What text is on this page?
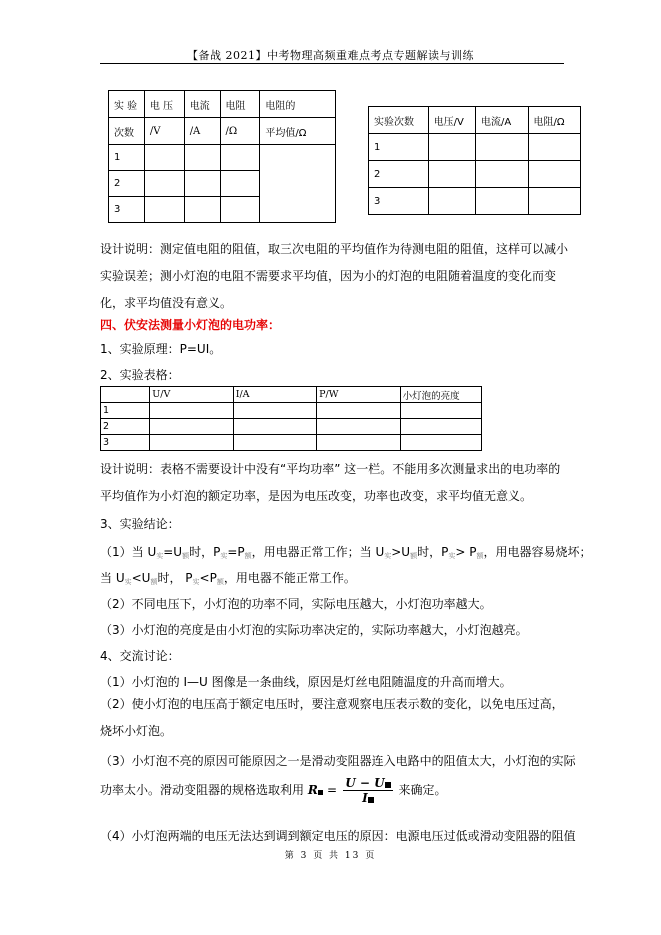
【备战 2021】中考物理高频重难点考点专题解读与训练
实 验	电 压	电流	电阻	电阻的
次数	/V	/A	/Ω	平均值/Ω
1				
2				
3				
实验次数	电压/V	电流/A	电阻/Ω
1			
2			
3			
设计说明：测定值电阻的阻值，取三次电阻的平均值作为待测电阻的阻值，这样可以减小实验误差；测小灯泡的电阻不需要求平均值，因为小的灯泡的电阻随着温度的变化而变化，求平均值没有意义。
四、伏安法测量小灯泡的电功率：
1、实验原理：P=UI。
2、实验表格：
	U/V	I/A	P/W	小灯泡的亮度
1				
2				
3				
设计说明：表格不需要设计中没有“平均功率” 这一栏。不能用多次测量求出的电功率的平均值作为小灯泡的额定功率，是因为电压改变，功率也改变，求平均值无意义。
3、实验结论：
（1）当 $U_实=U_额$时，$P_实=P_额$，用电器正常工作；当 $U_实>U_额$时，$P_实> P_额$，用电器容易烧坏；
当 $U_实<U_额$时， $P_实<P_额$，用电器不能正常工作。
（2）不同电压下，小灯泡的功率不同，实际电压越大，小灯泡功率越大。
（3）小灯泡的亮度是由小灯泡的实际功率决定的，实际功率越大，小灯泡越亮。
4、交流讨论：
（1）小灯泡的 I—U 图像是一条曲线，原因是灯丝电阻随温度的升高而增大。
（2）使小灯泡的电压高于额定电压时，要注意观察电压表示数的变化，以免电压过高，烧坏小灯泡。
（3）小灯泡不亮的原因可能原因之一是滑动变阻器连入电路中的阻值太大，小灯泡的实际
功率太小。滑动变阻器的规格选取利用 $R = \frac{U - U}{I}$ 来确定。
（4）小灯泡两端的电压无法达到调到额定电压的原因：电源电压过低或滑动变阻器的阻值
第 3 页 共 13 页
